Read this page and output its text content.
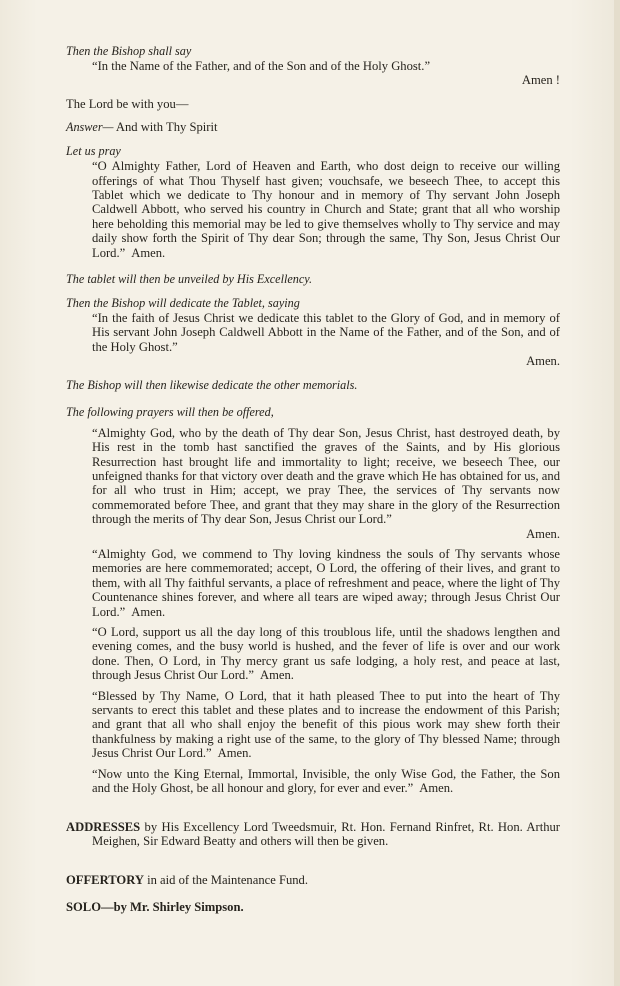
Then the Bishop shall say

“In the Name of the Father, and of the Son and of the Holy Ghost.”
Amen !

The Lord be with you—

Answer— And with Thy Spirit

Let us pray

“O Almighty Father, Lord of Heaven and Earth, who dost deign to receive our willing offerings of what Thou Thyself hast given; vouchsafe, we beseech Thee, to accept this Tablet which we dedicate to Thy honour and in memory of Thy servant John Joseph Caldwell Abbott, who served his country in Church and State; grant that all who worship here beholding this memorial may be led to give themselves wholly to Thy service and may daily show forth the Spirit of Thy dear Son; through the same, Thy Son, Jesus Christ Our Lord.” Amen.

The tablet will then be unveiled by His Excellency.

Then the Bishop will dedicate the Tablet, saying

“In the faith of Jesus Christ we dedicate this tablet to the Glory of God, and in memory of His servant John Joseph Caldwell Abbott in the Name of the Father, and of the Son, and of the Holy Ghost.”
Amen.

The Bishop will then likewise dedicate the other memorials.

The following prayers will then be offered,

“Almighty God, who by the death of Thy dear Son, Jesus Christ, hast destroyed death, by His rest in the tomb hast sanctified the graves of the Saints, and by His glorious Resurrection hast brought life and immortality to light; receive, we beseech Thee, our unfeigned thanks for that victory over death and the grave which He has obtained for us, and for all who trust in Him; accept, we pray Thee, the services of Thy servants now commemorated before Thee, and grant that they may share in the glory of the Resurrection through the merits of Thy dear Son, Jesus Christ our Lord.”
Amen.
“Almighty God, we commend to Thy loving kindness the souls of Thy servants whose memories are here commemorated; accept, O Lord, the offering of their lives, and grant to them, with all Thy faithful servants, a place of refreshment and peace, where the light of Thy Countenance shines forever, and where all tears are wiped away; through Jesus Christ Our Lord.” Amen.
“O Lord, support us all the day long of this troublous life, until the shadows lengthen and evening comes, and the busy world is hushed, and the fever of life is over and our work done. Then, O Lord, in Thy mercy grant us safe lodging, a holy rest, and peace at last, through Jesus Christ Our Lord.” Amen.
“Blessed by Thy Name, O Lord, that it hath pleased Thee to put into the heart of Thy servants to erect this tablet and these plates and to increase the endowment of this Parish; and grant that all who shall enjoy the benefit of this pious work may shew forth their thankfulness by making a right use of the same, to the glory of Thy blessed Name; through Jesus Christ Our Lord.” Amen.
“Now unto the King Eternal, Immortal, Invisible, the only Wise God, the Father, the Son and the Holy Ghost, be all honour and glory, for ever and ever.” Amen.

ADDRESSES by His Excellency Lord Tweedsmuir, Rt. Hon. Fernand Rinfret, Rt. Hon. Arthur Meighen, Sir Edward Beatty and others will then be given.

OFFERTORY in aid of the Maintenance Fund.

SOLO—by Mr. Shirley Simpson.
